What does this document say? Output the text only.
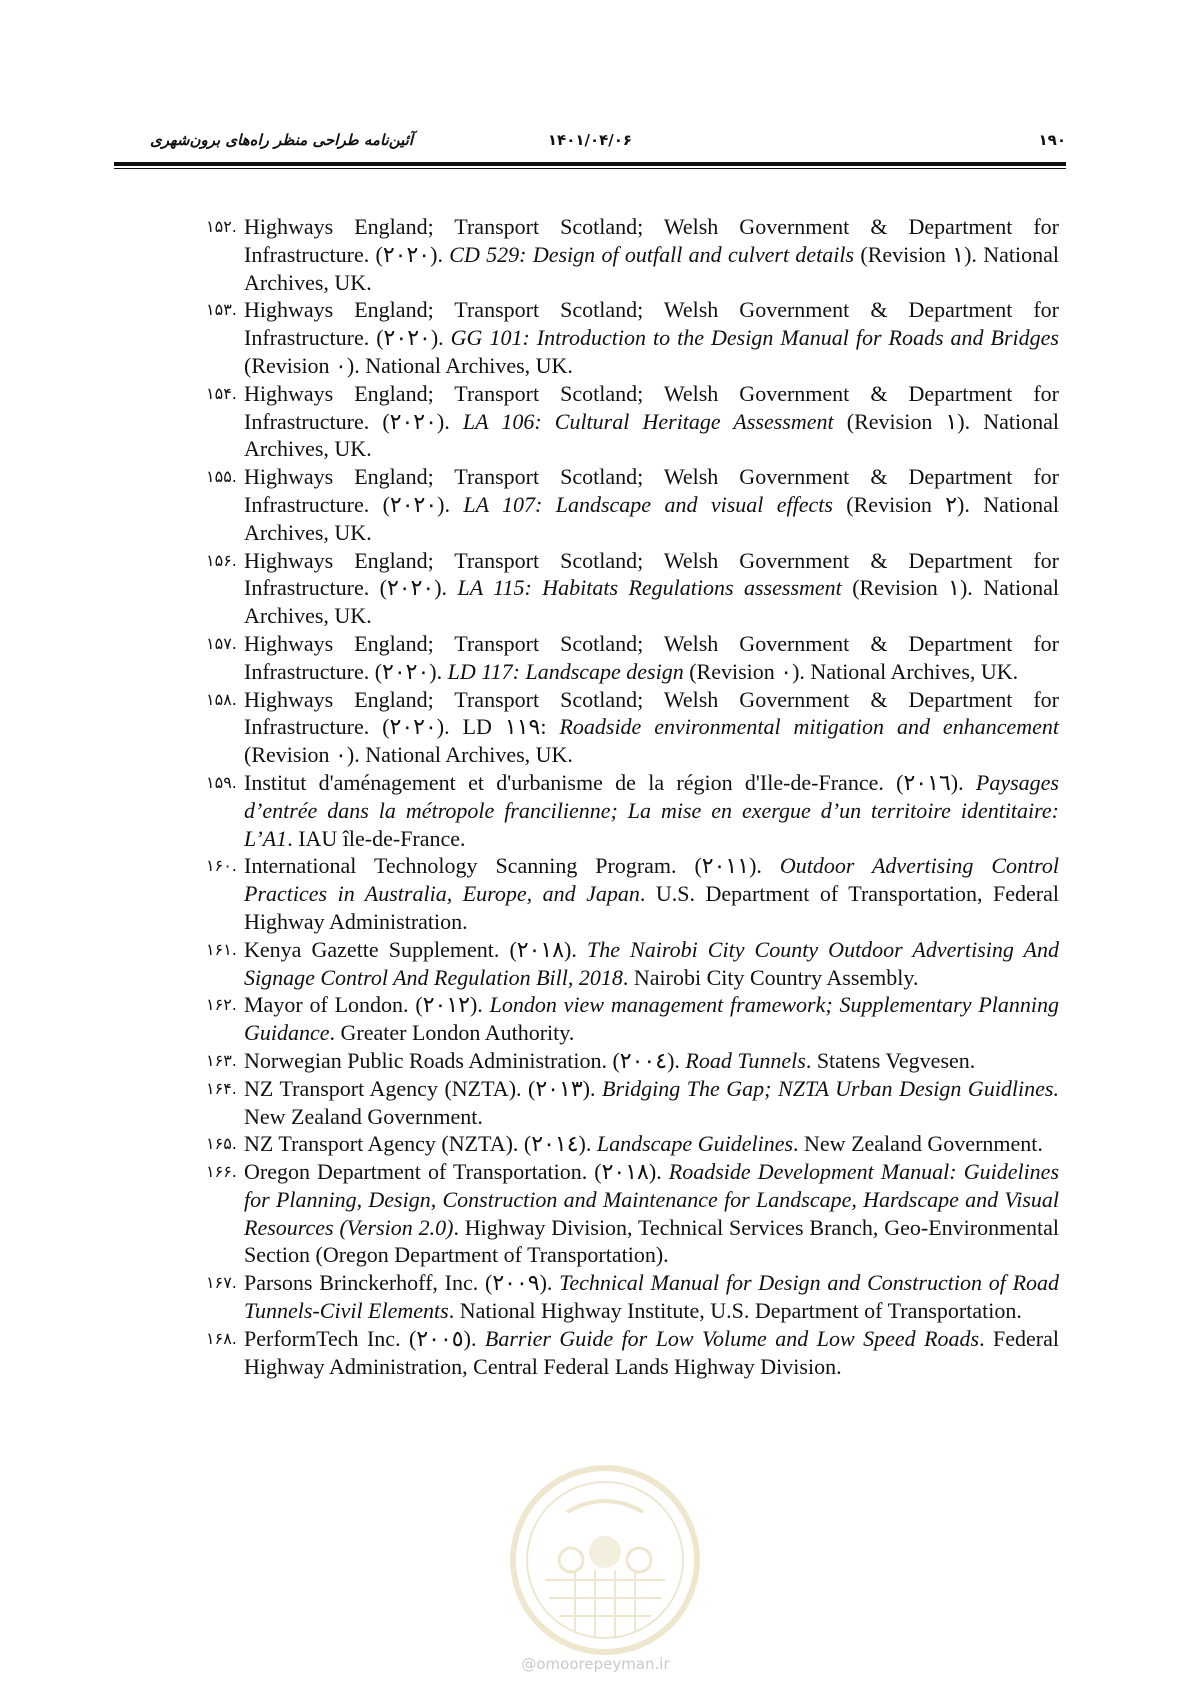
۱۹۰
۱۴۰۱/۰۴/۰۶
آئین‌نامه طراحی منظر راه‌های برون‌شهری
۱۵۲. Highways England; Transport Scotland; Welsh Government & Department for Infrastructure. (۲۰۲۰). CD 529: Design of outfall and culvert details (Revision ۱). National Archives, UK.
۱۵۳. Highways England; Transport Scotland; Welsh Government & Department for Infrastructure. (۲۰۲۰). GG 101: Introduction to the Design Manual for Roads and Bridges (Revision ۰). National Archives, UK.
۱۵۴. Highways England; Transport Scotland; Welsh Government & Department for Infrastructure. (۲۰۲۰). LA 106: Cultural Heritage Assessment (Revision ۱). National Archives, UK.
۱۵۵. Highways England; Transport Scotland; Welsh Government & Department for Infrastructure. (۲۰۲۰). LA 107: Landscape and visual effects (Revision ۲). National Archives, UK.
۱۵۶. Highways England; Transport Scotland; Welsh Government & Department for Infrastructure. (۲۰۲۰). LA 115: Habitats Regulations assessment (Revision ۱). National Archives, UK.
۱۵۷. Highways England; Transport Scotland; Welsh Government & Department for Infrastructure. (۲۰۲۰). LD 117: Landscape design (Revision ۰). National Archives, UK.
۱۵۸. Highways England; Transport Scotland; Welsh Government & Department for Infrastructure. (۲۰۲۰). LD ۱۱۹: Roadside environmental mitigation and enhancement (Revision ۰). National Archives, UK.
۱۵۹. Institut d'aménagement et d'urbanisme de la région d'Ile-de-France. (۲۰۱٦). Paysages d’entrée dans la métropole francilienne; La mise en exergue d’un territoire identitaire: L’A1. IAU île-de-France.
۱۶۰. International Technology Scanning Program. (۲۰۱۱). Outdoor Advertising Control Practices in Australia, Europe, and Japan. U.S. Department of Transportation, Federal Highway Administration.
۱۶۱. Kenya Gazette Supplement. (۲۰۱۸). The Nairobi City County Outdoor Advertising And Signage Control And Regulation Bill, 2018. Nairobi City Country Assembly.
۱۶۲. Mayor of London. (۲۰۱۲). London view management framework; Supplementary Planning Guidance. Greater London Authority.
۱۶۳. Norwegian Public Roads Administration. (۲۰۰٤). Road Tunnels. Statens Vegvesen.
۱۶۴. NZ Transport Agency (NZTA). (۲۰۱۳). Bridging The Gap; NZTA Urban Design Guidlines. New Zealand Government.
۱۶۵. NZ Transport Agency (NZTA). (۲۰۱٤). Landscape Guidelines. New Zealand Government.
۱۶۶. Oregon Department of Transportation. (۲۰۱۸). Roadside Development Manual: Guidelines for Planning, Design, Construction and Maintenance for Landscape, Hardscape and Visual Resources (Version 2.0). Highway Division, Technical Services Branch, Geo-Environmental Section (Oregon Department of Transportation).
۱۶۷. Parsons Brinckerhoff, Inc. (۲۰۰۹). Technical Manual for Design and Construction of Road Tunnels-Civil Elements. National Highway Institute, U.S. Department of Transportation.
۱۶۸. PerformTech Inc. (۲۰۰٥). Barrier Guide for Low Volume and Low Speed Roads. Federal Highway Administration, Central Federal Lands Highway Division.
@omoorepeyman.ir
